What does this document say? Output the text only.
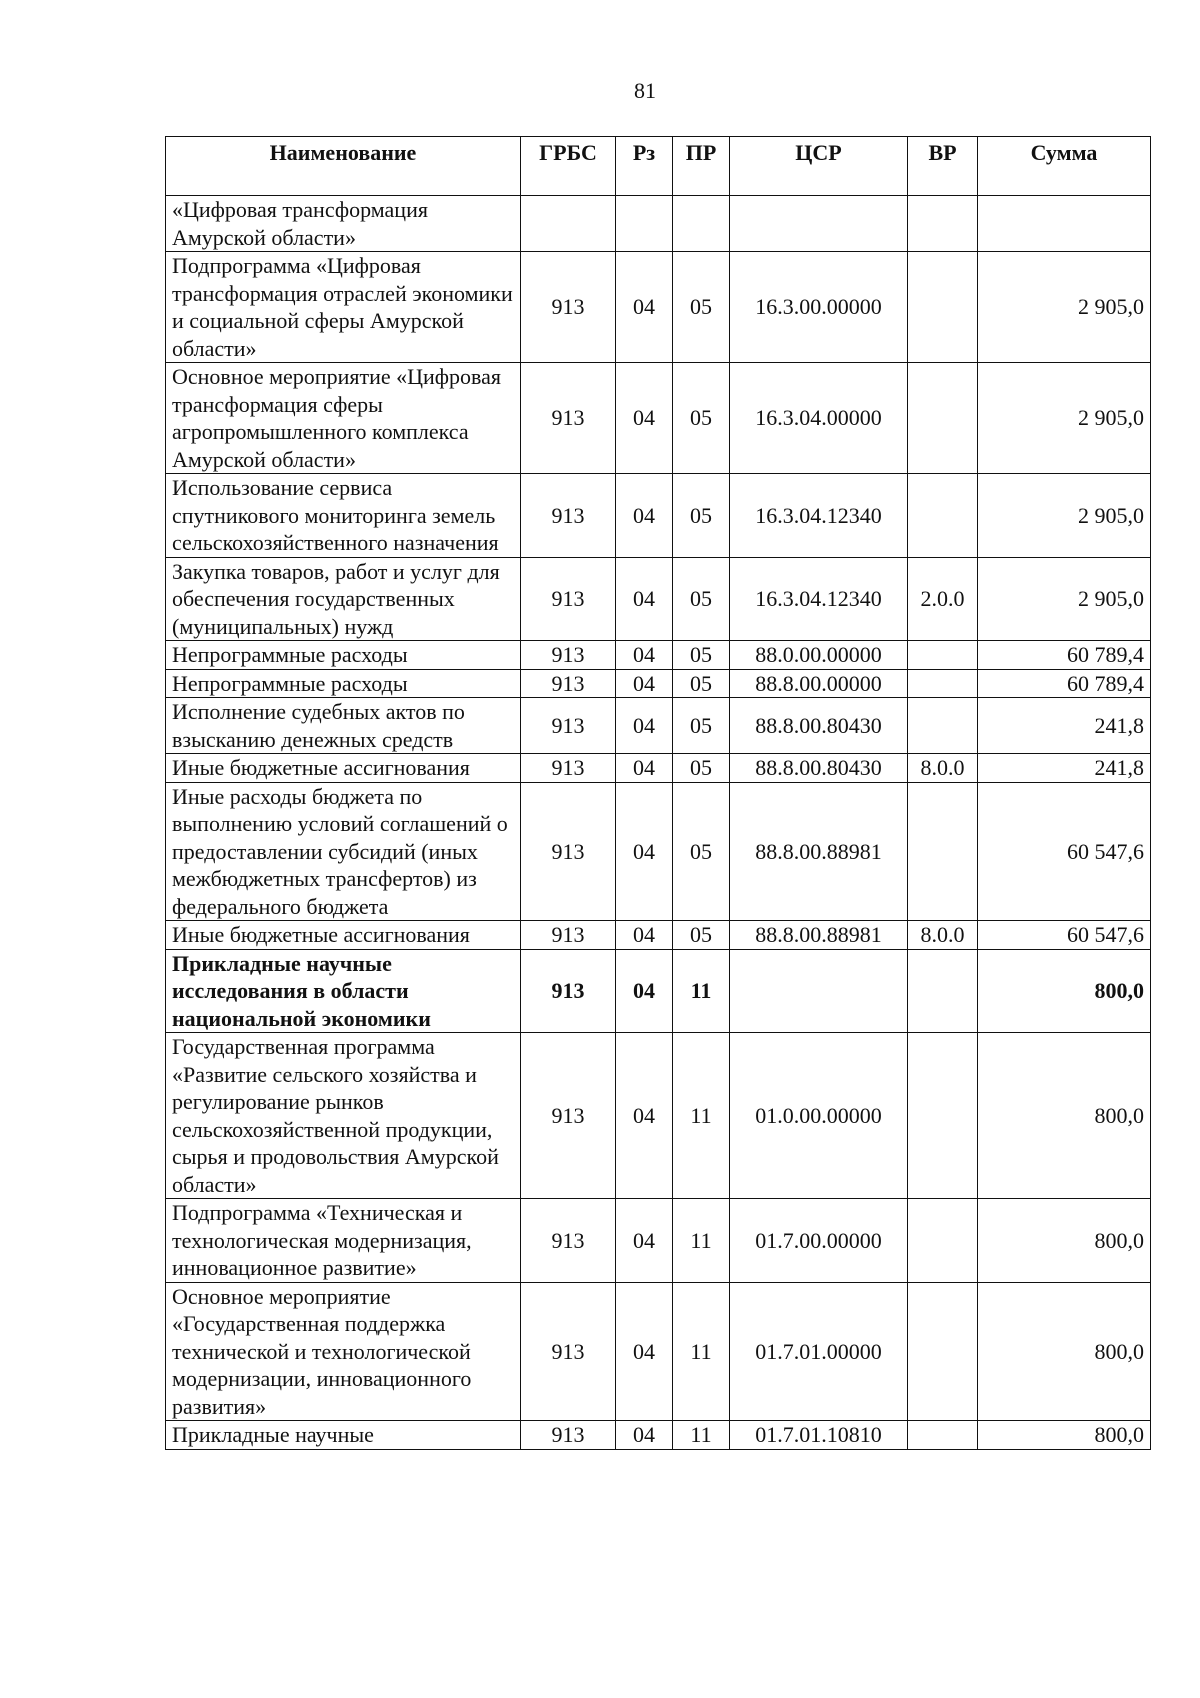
81
Наименование	ГРБС	Рз	ПР	ЦСР	ВР	Сумма
«Цифровая трансформация Амурской области»						
Подпрограмма «Цифровая трансформация отраслей экономики и социальной сферы Амурской области»	913	04	05	16.3.00.00000		2 905,0
Основное мероприятие «Цифровая трансформация сферы агропромышленного комплекса Амурской области»	913	04	05	16.3.04.00000		2 905,0
Использование сервиса спутникового мониторинга земель сельскохозяйственного назначения	913	04	05	16.3.04.12340		2 905,0
Закупка товаров, работ и услуг для обеспечения государственных (муниципальных) нужд	913	04	05	16.3.04.12340	2.0.0	2 905,0
Непрограммные расходы	913	04	05	88.0.00.00000		60 789,4
Непрограммные расходы	913	04	05	88.8.00.00000		60 789,4
Исполнение судебных актов по взысканию денежных средств	913	04	05	88.8.00.80430		241,8
Иные бюджетные ассигнования	913	04	05	88.8.00.80430	8.0.0	241,8
Иные расходы бюджета по выполнению условий соглашений о предоставлении субсидий (иных межбюджетных трансфертов) из федерального бюджета	913	04	05	88.8.00.88981		60 547,6
Иные бюджетные ассигнования	913	04	05	88.8.00.88981	8.0.0	60 547,6
Прикладные научные исследования в области национальной экономики	913	04	11			800,0
Государственная программа «Развитие сельского хозяйства и регулирование рынков сельскохозяйственной продукции, сырья и продовольствия Амурской области»	913	04	11	01.0.00.00000		800,0
Подпрограмма «Техническая и технологическая модернизация, инновационное развитие»	913	04	11	01.7.00.00000		800,0
Основное мероприятие «Государственная поддержка технической и технологической модернизации, инновационного развития»	913	04	11	01.7.01.00000		800,0
Прикладные научные	913	04	11	01.7.01.10810		800,0
